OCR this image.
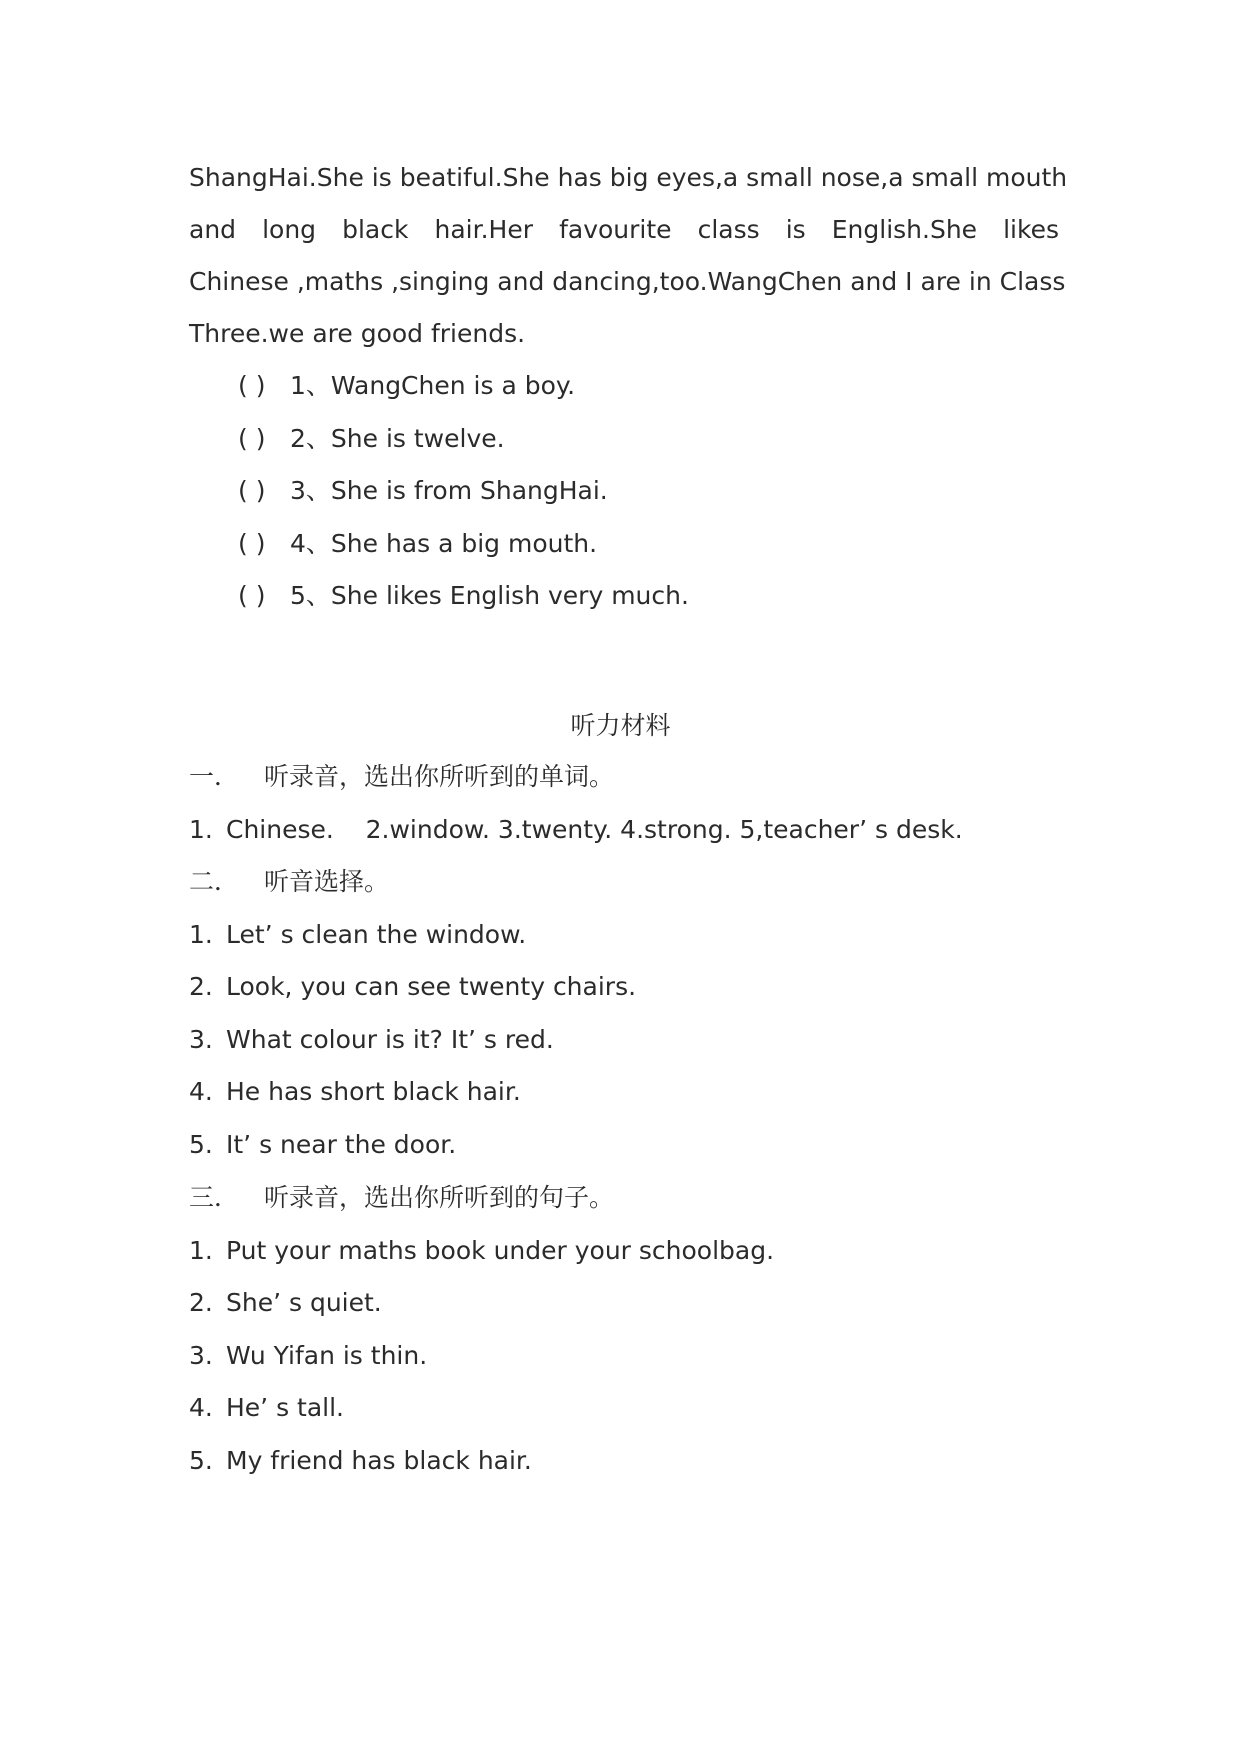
ShangHai.She is beatiful.She has big eyes,a small nose,a small mouth
and long black hair.Her favourite class is English.She likes
Chinese ,maths ,singing and dancing,too.WangChen and I are in Class
Three.we are good friends.
( ) 1、WangChen is a boy.
( ) 2、She is twelve.
( ) 3、She is from ShangHai.
( ) 4、She has a big mouth.
( ) 5、She likes English very much.
听力材料
一． 听录音，选出你所听到的单词。
1. Chinese.    2.window. 3.twenty. 4.strong. 5,teacher’ s desk.
二． 听音选择。
1. Let’ s clean the window.
2. Look, you can see twenty chairs.
3. What colour is it? It’ s red.
4. He has short black hair.
5. It’ s near the door.
三． 听录音，选出你所听到的句子。
1. Put your maths book under your schoolbag.
2. She’ s quiet.
3. Wu Yifan is thin.
4. He’ s tall.
5. My friend has black hair.
